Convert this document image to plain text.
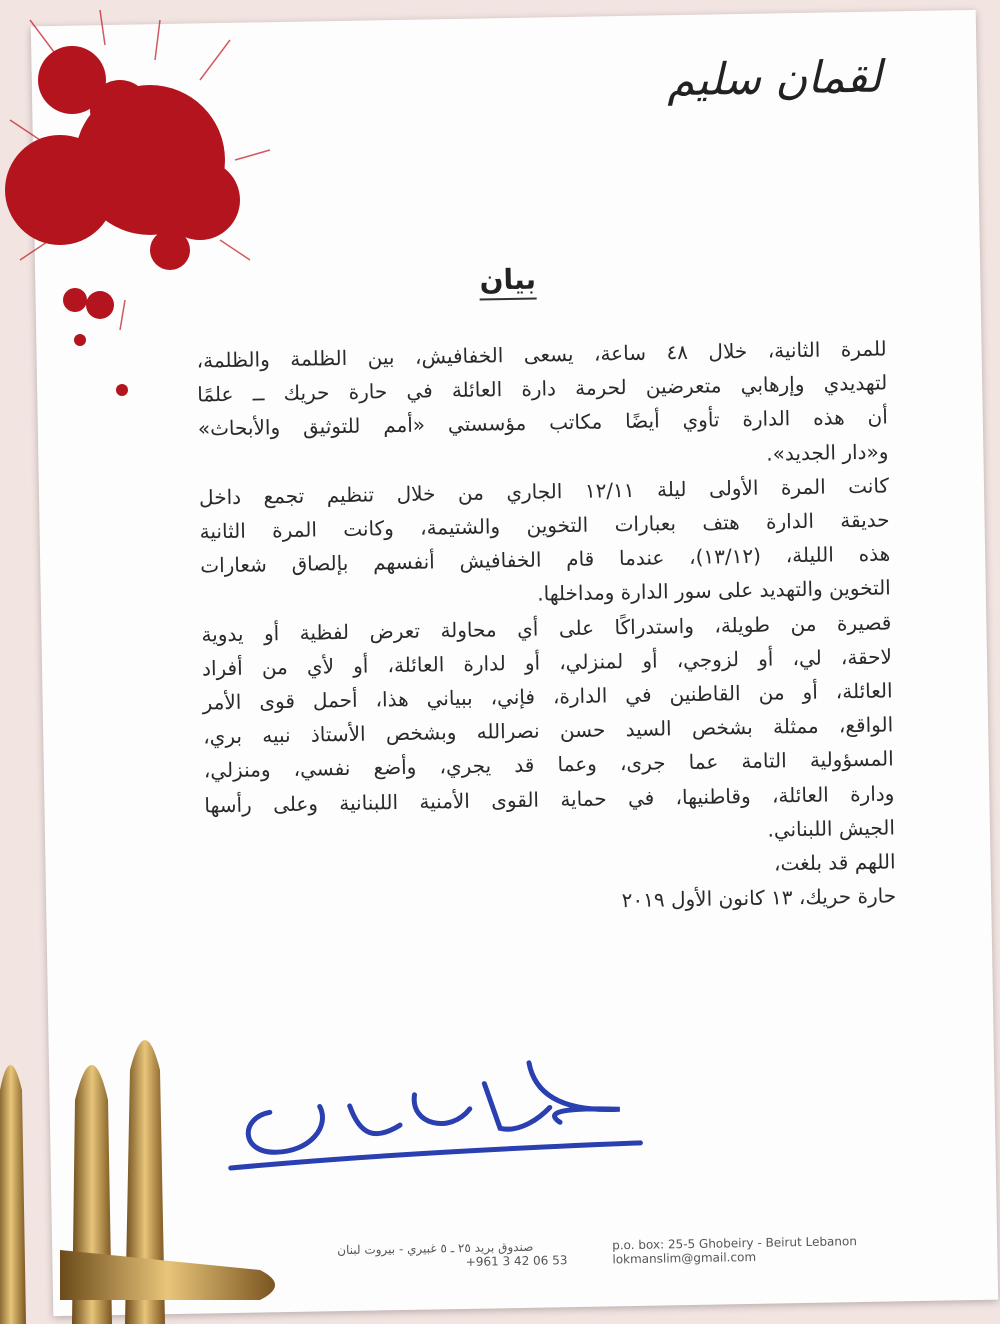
لقمان سليم
بيان
للمرة الثانية، خلال ٤٨ ساعة، يسعى الخفافيش، بين الظلمة والظلمة،
لتهديدي وإرهابي متعرضين لحرمة دارة العائلة في حارة حريك ــ علمًا
أن هذه الدارة تأوي أيضًا مكاتب مؤسستي «أمم للتوثيق والأبحاث»
و«دار الجديد».
كانت المرة الأولى ليلة ١٢/١١ الجاري من خلال تنظيم تجمع داخل
حديقة الدارة هتف بعبارات التخوين والشتيمة، وكانت المرة الثانية
هذه الليلة، (١٣/١٢)، عندما قام الخفافيش أنفسهم بإلصاق شعارات
التخوين والتهديد على سور الدارة ومداخلها.
قصيرة من طويلة، واستدراكًا على أي محاولة تعرض لفظية أو يدوية
لاحقة، لي، أو لزوجي، أو لمنزلي، أو لدارة العائلة، أو لأي من أفراد
العائلة، أو من القاطنين في الدارة، فإني، ببياني هذا، أحمل قوى الأمر
الواقع، ممثلة بشخص السيد حسن نصرالله وبشخص الأستاذ نبيه بري،
المسؤولية التامة عما جرى، وعما قد يجري، وأضع نفسي، ومنزلي،
ودارة العائلة، وقاطنيها، في حماية القوى الأمنية اللبنانية وعلى رأسها
الجيش اللبناني.
اللهم قد بلغت،
حارة حريك، ١٣ كانون الأول ٢٠١٩
صندوق بريد ٢٥ ـ ٥ غبيري - بيروت لبنان
+961 3 42 06 53
p.o. box: 25-5 Ghobeiry - Beirut Lebanon
lokmanslim@gmail.com
